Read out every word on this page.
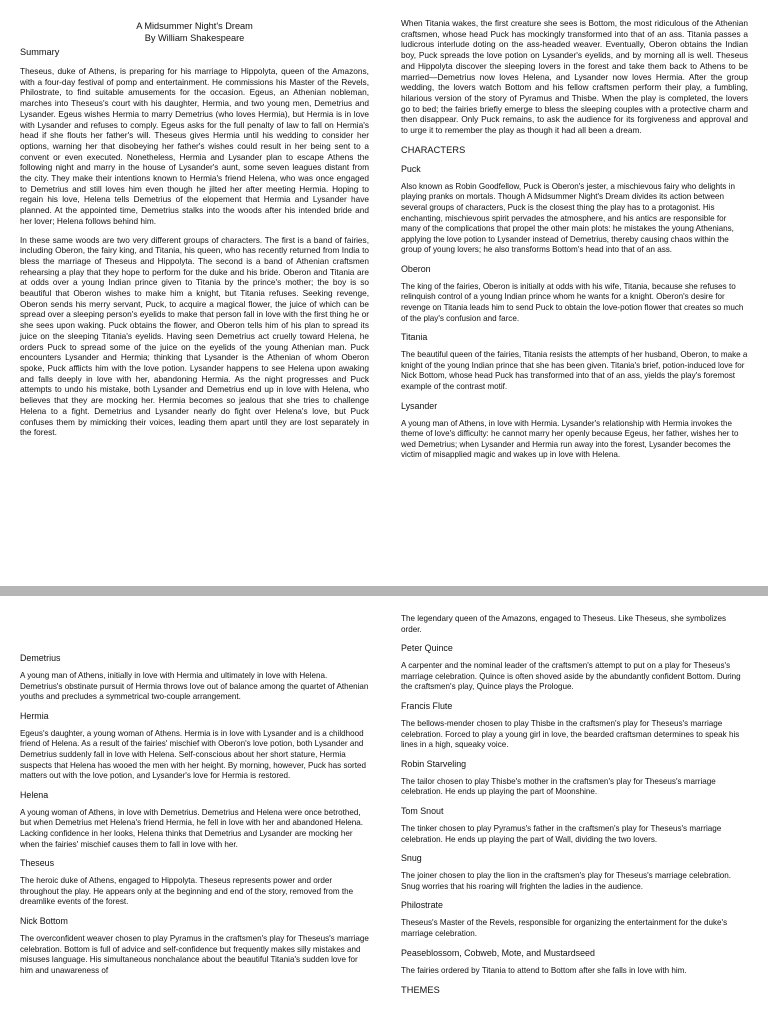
A Midsummer Night's Dream
By William Shakespeare
Summary

Theseus, duke of Athens, is preparing for his marriage to Hippolyta, queen of the Amazons, with a four-day festival of pomp and entertainment. He commissions his Master of the Revels, Philostrate, to find suitable amusements for the occasion. Egeus, an Athenian nobleman, marches into Theseus's court with his daughter, Hermia, and two young men, Demetrius and Lysander. Egeus wishes Hermia to marry Demetrius (who loves Hermia), but Hermia is in love with Lysander and refuses to comply. Egeus asks for the full penalty of law to fall on Hermia's head if she flouts her father's will. Theseus gives Hermia until his wedding to consider her options, warning her that disobeying her father's wishes could result in her being sent to a convent or even executed. Nonetheless, Hermia and Lysander plan to escape Athens the following night and marry in the house of Lysander's aunt, some seven leagues distant from the city. They make their intentions known to Hermia's friend Helena, who was once engaged to Demetrius and still loves him even though he jilted her after meeting Hermia. Hoping to regain his love, Helena tells Demetrius of the elopement that Hermia and Lysander have planned. At the appointed time, Demetrius stalks into the woods after his intended bride and her lover; Helena follows behind him.

In these same woods are two very different groups of characters. The first is a band of fairies, including Oberon, the fairy king, and Titania, his queen, who has recently returned from India to bless the marriage of Theseus and Hippolyta. The second is a band of Athenian craftsmen rehearsing a play that they hope to perform for the duke and his bride. Oberon and Titania are at odds over a young Indian prince given to Titania by the prince's mother; the boy is so beautiful that Oberon wishes to make him a knight, but Titania refuses. Seeking revenge, Oberon sends his merry servant, Puck, to acquire a magical flower, the juice of which can be spread over a sleeping person's eyelids to make that person fall in love with the first thing he or she sees upon waking. Puck obtains the flower, and Oberon tells him of his plan to spread its juice on the sleeping Titania's eyelids. Having seen Demetrius act cruelly toward Helena, he orders Puck to spread some of the juice on the eyelids of the young Athenian man. Puck encounters Lysander and Hermia; thinking that Lysander is the Athenian of whom Oberon spoke, Puck afflicts him with the love potion. Lysander happens to see Helena upon awaking and falls deeply in love with her, abandoning Hermia. As the night progresses and Puck attempts to undo his mistake, both Lysander and Demetrius end up in love with Helena, who believes that they are mocking her. Hermia becomes so jealous that she tries to challenge Helena to a fight. Demetrius and Lysander nearly do fight over Helena's love, but Puck confuses them by mimicking their voices, leading them apart until they are lost separately in the forest.

When Titania wakes, the first creature she sees is Bottom, the most ridiculous of the Athenian craftsmen, whose head Puck has mockingly transformed into that of an ass. Titania passes a ludicrous interlude doting on the ass-headed weaver. Eventually, Oberon obtains the Indian boy, Puck spreads the love potion on Lysander's eyelids, and by morning all is well. Theseus and Hippolyta discover the sleeping lovers in the forest and take them back to Athens to be married—Demetrius now loves Helena, and Lysander now loves Hermia. After the group wedding, the lovers watch Bottom and his fellow craftsmen perform their play, a fumbling, hilarious version of the story of Pyramus and Thisbe. When the play is completed, the lovers go to bed; the fairies briefly emerge to bless the sleeping couples with a protective charm and then disappear. Only Puck remains, to ask the audience for its forgiveness and approval and to urge it to remember the play as though it had all been a dream.

CHARACTERS
Puck

Also known as Robin Goodfellow, Puck is Oberon's jester, a mischievous fairy who delights in playing pranks on mortals. Though A Midsummer Night's Dream divides its action between several groups of characters, Puck is the closest thing the play has to a protagonist. His enchanting, mischievous spirit pervades the atmosphere, and his antics are responsible for many of the complications that propel the other main plots: he mistakes the young Athenians, applying the love potion to Lysander instead of Demetrius, thereby causing chaos within the group of young lovers; he also transforms Bottom's head into that of an ass.

Oberon

The king of the fairies, Oberon is initially at odds with his wife, Titania, because she refuses to relinquish control of a young Indian prince whom he wants for a knight. Oberon's desire for revenge on Titania leads him to send Puck to obtain the love-potion flower that creates so much of the play's confusion and farce.

Titania

The beautiful queen of the fairies, Titania resists the attempts of her husband, Oberon, to make a knight of the young Indian prince that she has been given. Titania's brief, potion-induced love for Nick Bottom, whose head Puck has transformed into that of an ass, yields the play's foremost example of the contrast motif.

Lysander

A young man of Athens, in love with Hermia. Lysander's relationship with Hermia invokes the theme of love's difficulty: he cannot marry her openly because Egeus, her father, wishes her to wed Demetrius; when Lysander and Hermia run away into the forest, Lysander becomes the victim of misapplied magic and wakes up in love with Helena.

Demetrius

A young man of Athens, initially in love with Hermia and ultimately in love with Helena. Demetrius's obstinate pursuit of Hermia throws love out of balance among the quartet of Athenian youths and precludes a symmetrical two-couple arrangement.

Hermia

Egeus's daughter, a young woman of Athens. Hermia is in love with Lysander and is a childhood friend of Helena. As a result of the fairies' mischief with Oberon's love potion, both Lysander and Demetrius suddenly fall in love with Helena. Self-conscious about her short stature, Hermia suspects that Helena has wooed the men with her height. By morning, however, Puck has sorted matters out with the love potion, and Lysander's love for Hermia is restored.

Helena

A young woman of Athens, in love with Demetrius. Demetrius and Helena were once betrothed, but when Demetrius met Helena's friend Hermia, he fell in love with her and abandoned Helena. Lacking confidence in her looks, Helena thinks that Demetrius and Lysander are mocking her when the fairies' mischief causes them to fall in love with her.

Theseus

The heroic duke of Athens, engaged to Hippolyta. Theseus represents power and order throughout the play. He appears only at the beginning and end of the story, removed from the dreamlike events of the forest.

Nick Bottom

The overconfident weaver chosen to play Pyramus in the craftsmen's play for Theseus's marriage celebration. Bottom is full of advice and self-confidence but frequently makes silly mistakes and misuses language. His simultaneous nonchalance about the beautiful Titania's sudden love for him and unawareness of

The legendary queen of the Amazons, engaged to Theseus. Like Theseus, she symbolizes order.

Peter Quince

A carpenter and the nominal leader of the craftsmen's attempt to put on a play for Theseus's marriage celebration. Quince is often shoved aside by the abundantly confident Bottom. During the craftsmen's play, Quince plays the Prologue.

Francis Flute

The bellows-mender chosen to play Thisbe in the craftsmen's play for Theseus's marriage celebration. Forced to play a young girl in love, the bearded craftsman determines to speak his lines in a high, squeaky voice.

Robin Starveling

The tailor chosen to play Thisbe's mother in the craftsmen's play for Theseus's marriage celebration. He ends up playing the part of Moonshine.

Tom Snout

The tinker chosen to play Pyramus's father in the craftsmen's play for Theseus's marriage celebration. He ends up playing the part of Wall, dividing the two lovers.

Snug

The joiner chosen to play the lion in the craftsmen's play for Theseus's marriage celebration. Snug worries that his roaring will frighten the ladies in the audience.

Philostrate

Theseus's Master of the Revels, responsible for organizing the entertainment for the duke's marriage celebration.

Peaseblossom, Cobweb, Mote, and Mustardseed

The fairies ordered by Titania to attend to Bottom after she falls in love with him.

THEMES
